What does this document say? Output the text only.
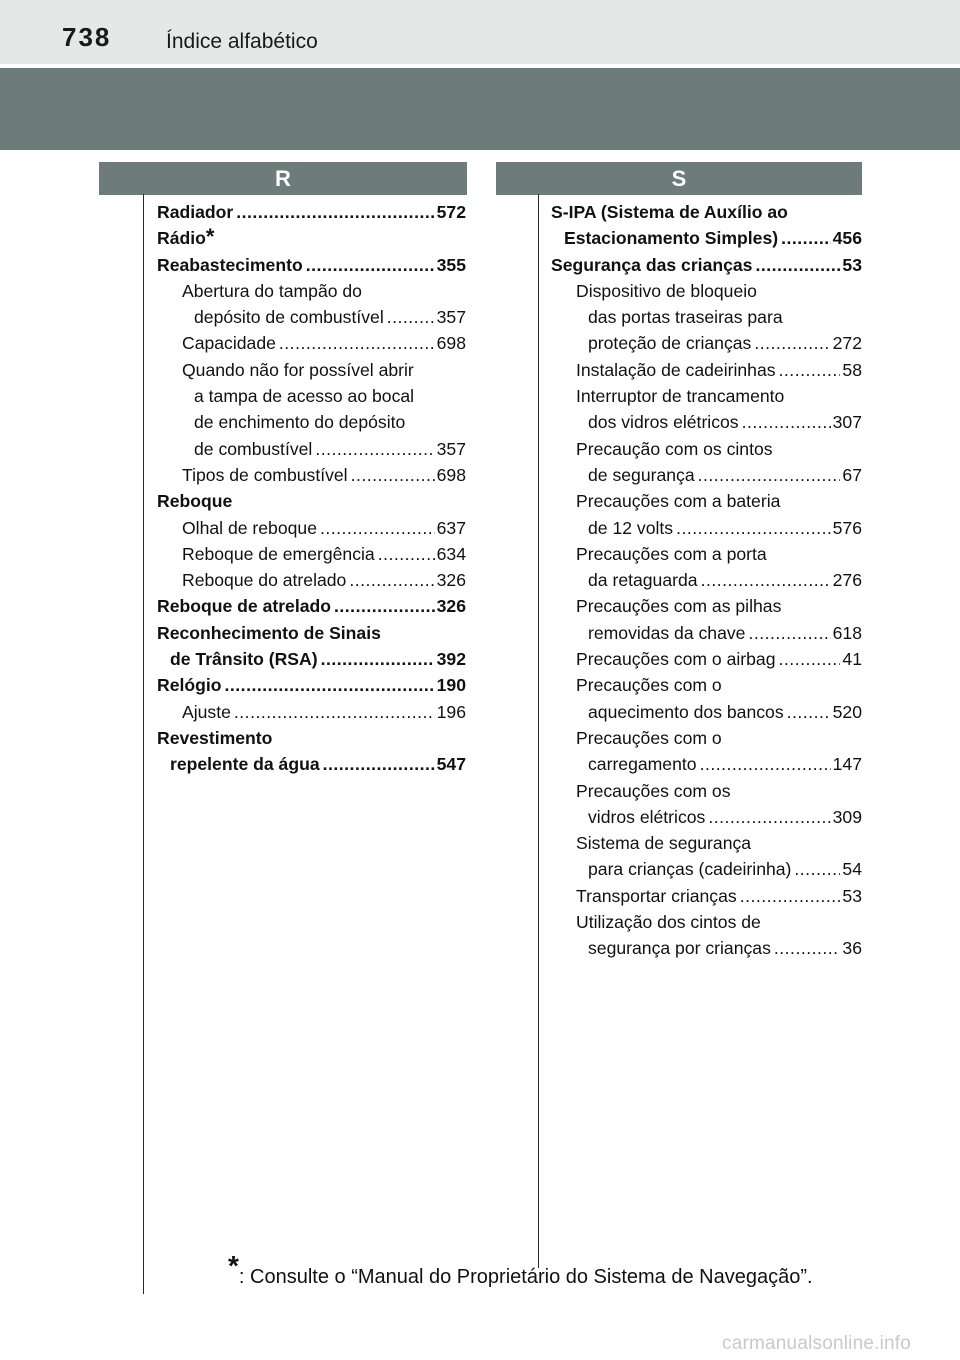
738	Índice alfabético
R	S
Radiador .....	572
Rádio *
Reabastecimento .....	355
Abertura do tampão do
depósito de combustível .....	357
Capacidade .....	698
Quando não for possível abrir
a tampa de acesso ao bocal
de enchimento do depósito
de combustível .....	357
Tipos de combustível .....	698
Reboque
Olhal de reboque .....	637
Reboque de emergência .....	634
Reboque do atrelado .....	326
Reboque de atrelado .....	326
Reconhecimento de Sinais
de Trânsito (RSA) .....	392
Relógio .....	190
Ajuste .....	196
Revestimento
repelente da água .....	547
S-IPA (Sistema de Auxílio ao
Estacionamento Simples) .....	456
Segurança das crianças .....	53
Dispositivo de bloqueio
das portas traseiras para
proteção de crianças .....	272
Instalação de cadeirinhas .....	58
Interruptor de trancamento
dos vidros elétricos .....	307
Precaução com os cintos
de segurança .....	67
Precauções com a bateria
de 12 volts .....	576
Precauções com a porta
da retaguarda .....	276
Precauções com as pilhas
removidas da chave .....	618
Precauções com o airbag .....	41
Precauções com o
aquecimento dos bancos .....	520
Precauções com o
carregamento .....	147
Precauções com os
vidros elétricos .....	309
Sistema de segurança
para crianças (cadeirinha) .....	54
Transportar crianças .....	53
Utilização dos cintos de
segurança por crianças .....	36
*: Consulte o “Manual do Proprietário do Sistema de Navegação”.
carmanualsonline.info
